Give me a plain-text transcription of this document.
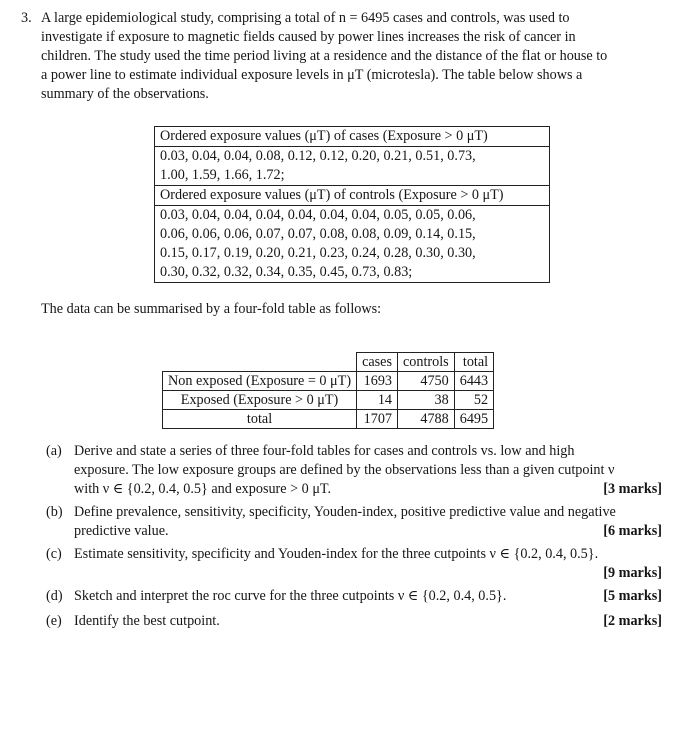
3. A large epidemiological study, comprising a total of n = 6495 cases and controls, was used to

investigate if exposure to magnetic fields caused by power lines increases the risk of cancer in

children. The study used the time period living at a residence and the distance of the flat or house to

a power line to estimate individual exposure levels in μT (microtesla). The table below shows a

summary of the observations.

Ordered exposure values (μT) of cases (Exposure > 0 μT)

0.03, 0.04, 0.04, 0.08, 0.12, 0.12, 0.20, 0.21, 0.51, 0.73,
1.00, 1.59, 1.66, 1.72;

Ordered exposure values (μT) of controls (Exposure > 0 μT)

0.03, 0.04, 0.04, 0.04, 0.04, 0.04, 0.04, 0.05, 0.05, 0.06,
0.06, 0.06, 0.06, 0.07, 0.07, 0.08, 0.08, 0.09, 0.14, 0.15,
0.15, 0.17, 0.19, 0.20, 0.21, 0.23, 0.24, 0.28, 0.30, 0.30,
0.30, 0.32, 0.32, 0.34, 0.35, 0.45, 0.73, 0.83;
The data can be summarised by a four-fold table as follows:
	cases	controls	total
Non exposed (Exposure = 0 μT)	1693	4750	6443
Exposed (Exposure > 0 μT)	14	38	52
total	1707	4788	6495
(a) Derive and state a series of three four-fold tables for cases and controls vs. low and high
exposure. The low exposure groups are defined by the observations less than a given cutpoint ν
[3 marks]
with ν ∈ {0.2, 0.4, 0.5} and exposure > 0 μT.
(b) Define prevalence, sensitivity, specificity, Youden-index, positive predictive value and negative
[6 marks]
predictive value.
(c) Estimate sensitivity, specificity and Youden-index for the three cutpoints ν ∈ {0.2, 0.4, 0.5}.
[9 marks]

(d)	[5 marks]
Sketch and interpret the roc curve for the three cutpoints ν ∈ {0.2, 0.4, 0.5}.
(e)	[2 marks]
Identify the best cutpoint.
